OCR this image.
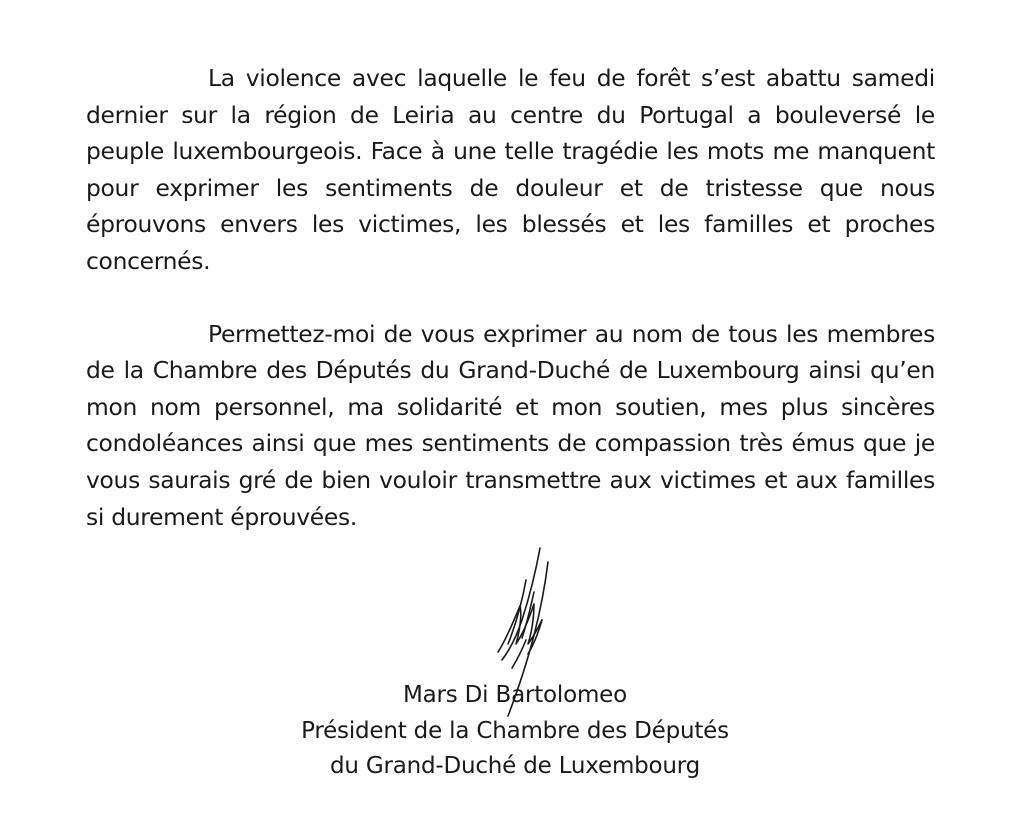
La violence avec laquelle le feu de forêt s’est abattu samedi dernier sur la région de Leiria au centre du Portugal a bouleversé le peuple luxembourgeois. Face à une telle tragédie les mots me manquent pour exprimer les sentiments de douleur et de tristesse que nous éprouvons envers les victimes, les blessés et les familles et proches concernés.

Permettez-moi de vous exprimer au nom de tous les membres de la Chambre des Députés du Grand-Duché de Luxembourg ainsi qu’en mon nom personnel, ma solidarité et mon soutien, mes plus sincères condoléances ainsi que mes sentiments de compassion très émus que je vous saurais gré de bien vouloir transmettre aux victimes et aux familles si durement éprouvées.

Mars Di Bartolomeo
Président de la Chambre des Députés
du Grand-Duché de Luxembourg
